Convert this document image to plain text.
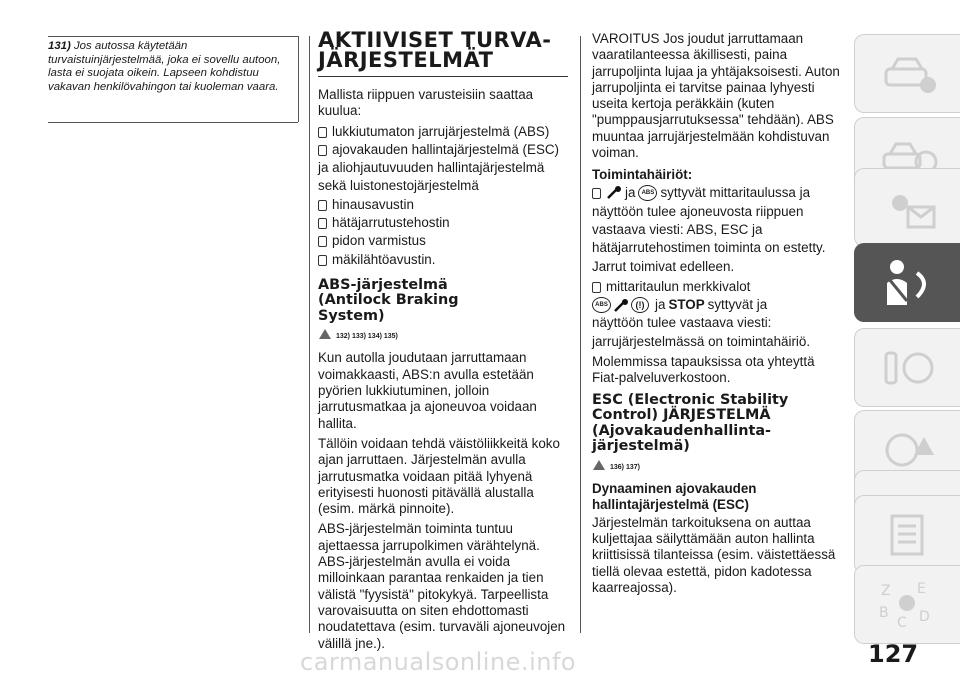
131) Jos autossa käytetään turvaistuinjärjestelmää, joka ei sovellu autoon, lasta ei suojata oikein. Lapseen kohdistuu vakavan henkilövahingon tai kuoleman vaara.

AKTIIVISET TURVA-
JÄRJESTELMÄT

Mallista riippuen varusteisiin saattaa kuulua:

lukkiutumaton jarrujärjestelmä (ABS)
ajovakauden hallintajärjestelmä (ESC)

ja aliohjautuvuuden hallintajärjestelmä

sekä luistonestojärjestelmä

hinausavustin
hätäjarrutustehostin
pidon varmistus
mäkilähtöavustin.
ABS-järjestelmä
(Antilock Braking
System)
132) 133) 134) 135)

Kun autolla joudutaan jarruttamaan voimakkaasti, ABS:n avulla estetään pyörien lukkiutuminen, jolloin jarrutusmatkaa ja ajoneuvoa voidaan hallita.

Tällöin voidaan tehdä väistöliikkeitä koko ajan jarruttaen. Järjestelmän avulla jarrutusmatka voidaan pitää lyhyenä erityisesti huonosti pitävällä alustalla (esim. märkä pinnoite).

ABS-järjestelmän toiminta tuntuu ajettaessa jarrupolkimen värähtelynä. ABS-järjestelmän avulla ei voida milloinkaan parantaa renkaiden ja tien välistä "fyysistä" pitokykyä. Tarpeellista varovaisuutta on siten ehdottomasti noudatettava (esim. turvaväli ajoneuvojen välillä jne.).

VAROITUS Jos joudut jarruttamaan vaaratilanteessa äkillisesti, paina jarrupoljinta lujaa ja yhtäjaksoisesti. Auton jarrupoljinta ei tarvitse painaa lyhyesti useita kertoja peräkkäin (kuten "pumppausjarrutuksessa" tehdään). ABS muuntaa jarrujärjestelmään kohdistuvan voiman.

Toimintahäiriöt:
ja	ABS syttyvät mittaritaulussa ja

näyttöön tulee ajoneuvosta riippuen

vastaava viesti: ABS, ESC ja

hätäjarrutehostimen toiminta on estetty.

Jarrut toimivat edelleen.

mittaritaulun merkkivalot
ABS	(!) ja STOP syttyvät ja

näyttöön tulee vastaava viesti:

jarrujärjestelmässä on toimintahäiriö.

Molemmissa tapauksissa ota yhteyttä Fiat-palveluverkostoon.

ESC (Electronic Stability
Control) JÄRJESTELMÄ
(Ajovakaudenhallinta-
järjestelmä)
136) 137)
Dynaaminen ajovakauden hallintajärjestelmä (ESC)

Järjestelmän tarkoituksena on auttaa kuljettajaa säilyttämään auton hallinta kriittisissä tilanteissa (esim. väistettäessä tiellä olevaa estettä, pidon kadotessa kaarreajossa).	Z E
B
C D
carmanualsonline.info	127
